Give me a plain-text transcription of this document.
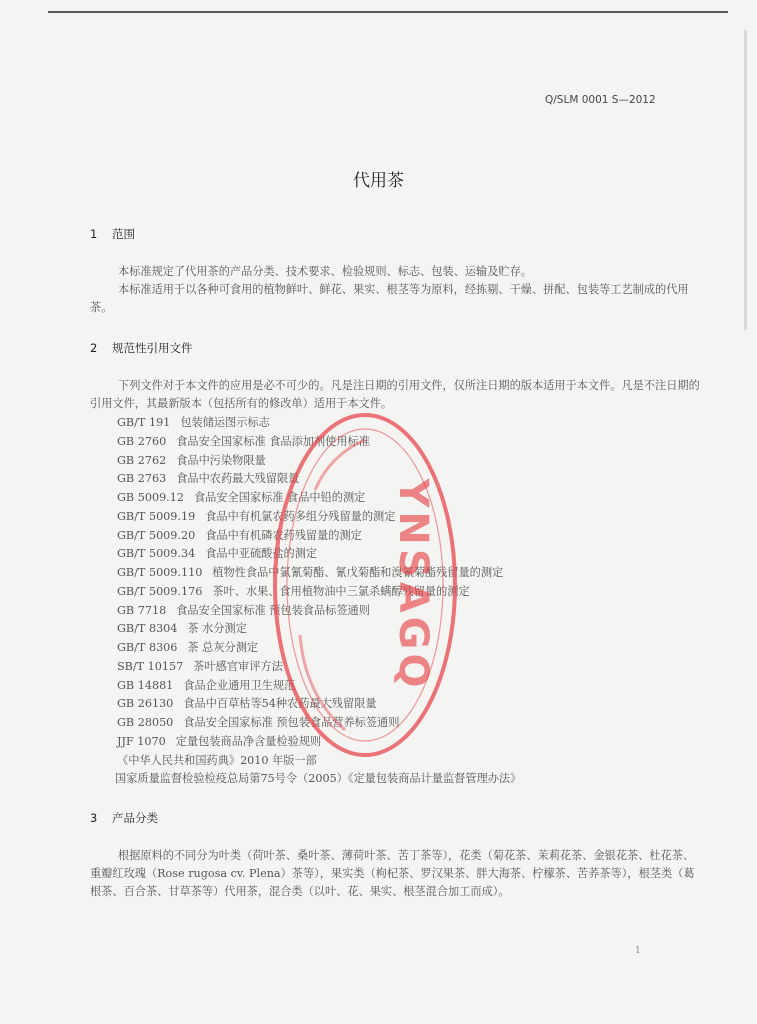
Q/SLM 0001 S—2012
代用茶
1 范围

本标准规定了代用茶的产品分类、技术要求、检验规则、标志、包装、运输及贮存。

本标准适用于以各种可食用的植物鲜叶、鲜花、果实、根茎等为原料，经拣剔、干燥、拼配、包装等工艺制成的代用茶。

2 规范性引用文件

下列文件对于本文件的应用是必不可少的。凡是注日期的引用文件，仅所注日期的版本适用于本文件。凡是不注日期的引用文件，其最新版本（包括所有的修改单）适用于本文件。

GB/T 191 包装储运图示标志
GB 2760 食品安全国家标准 食品添加剂使用标准
GB 2762 食品中污染物限量
GB 2763 食品中农药最大残留限量
GB 5009.12 食品安全国家标准 食品中铅的测定
GB/T 5009.19 食品中有机氯农药多组分残留量的测定
GB/T 5009.20 食品中有机磷农药残留量的测定
GB/T 5009.34 食品中亚硫酸盐的测定
GB/T 5009.110 植物性食品中氯氰菊酯、氰戊菊酯和溴氰菊酯残留量的测定
GB/T 5009.176 茶叶、水果、食用植物油中三氯杀螨醇残留量的测定
GB 7718 食品安全国家标准 预包装食品标签通则
GB/T 8304 茶 水分测定
GB/T 8306 茶 总灰分测定
SB/T 10157 茶叶感官审评方法
GB 14881 食品企业通用卫生规范
GB 26130 食品中百草枯等54种农药最大残留限量
GB 28050 食品安全国家标准 预包装食品营养标签通则
JJF 1070 定量包装商品净含量检验规则
《中华人民共和国药典》2010 年版一部
国家质量监督检验检疫总局第75号令（2005）《定量包装商品计量监督管理办法》
YNSAGQ
3 产品分类

根据原料的不同分为叶类（荷叶茶、桑叶茶、薄荷叶茶、苦丁茶等），花类（菊花茶、茉莉花茶、金银花茶、杜花茶、重瓣红玫瑰（Rose rugosa cv. Plena）茶等），果实类（枸杞茶、罗汉果茶、胖大海茶、柠檬茶、苦荞茶等），根茎类（葛根茶、百合茶、甘草茶等）代用茶，混合类（以叶、花、果实、根茎混合加工而成）。

1
